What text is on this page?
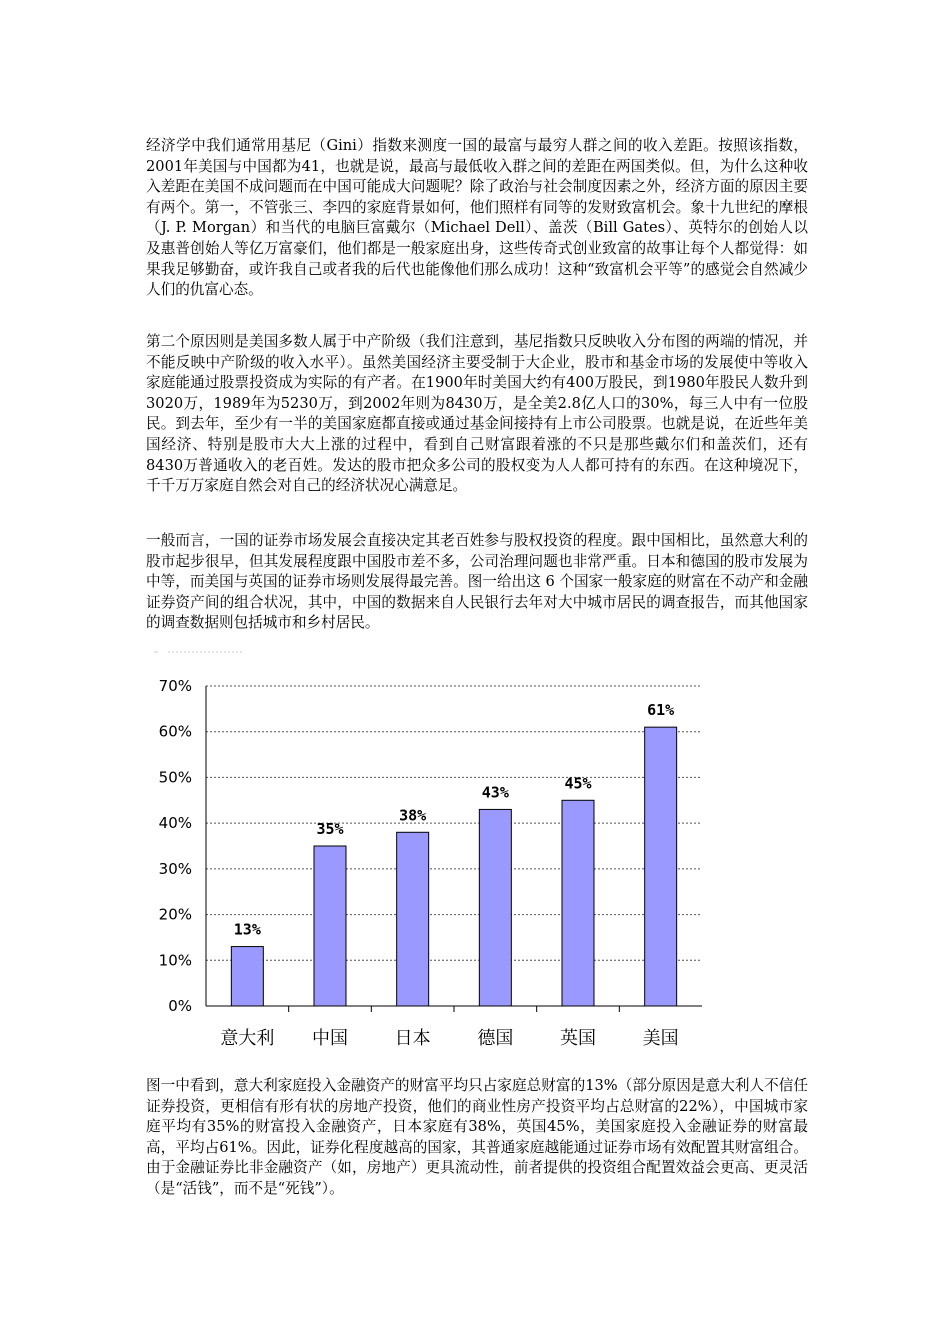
经济学中我们通常用基尼（Gini）指数来测度一国的最富与最穷人群之间的收入差距。按照该指数，2001年美国与中国都为41，也就是说，最高与最低收入群之间的差距在两国类似。但，为什么这种收入差距在美国不成问题而在中国可能成大问题呢？除了政治与社会制度因素之外，经济方面的原因主要有两个。第一，不管张三、李四的家庭背景如何，他们照样有同等的发财致富机会。象十九世纪的摩根（J. P. Morgan）和当代的电脑巨富戴尔（Michael Dell）、盖茨（Bill Gates）、英特尔的创始人以及惠普创始人等亿万富豪们，他们都是一般家庭出身，这些传奇式创业致富的故事让每个人都觉得：如果我足够勤奋，或许我自己或者我的后代也能像他们那么成功！这种“致富机会平等”的感觉会自然减少人们的仇富心态。

第二个原因则是美国多数人属于中产阶级（我们注意到，基尼指数只反映收入分布图的两端的情况，并不能反映中产阶级的收入水平）。虽然美国经济主要受制于大企业，股市和基金市场的发展使中等收入家庭能通过股票投资成为实际的有产者。在1900年时美国大约有400万股民，到1980年股民人数升到3020万，1989年为5230万，到2002年则为8430万，是全美2.8亿人口的30%，每三人中有一位股民。到去年，至少有一半的美国家庭都直接或通过基金间接持有上市公司股票。也就是说，在近些年美国经济、特别是股市大大上涨的过程中，看到自己财富跟着涨的不只是那些戴尔们和盖茨们，还有8430万普通收入的老百姓。发达的股市把众多公司的股权变为人人都可持有的东西。在这种境况下，千千万万家庭自然会对自己的经济状况心满意足。

一般而言，一国的证券市场发展会直接决定其老百姓参与股权投资的程度。跟中国相比，虽然意大利的股市起步很早，但其发展程度跟中国股市差不多，公司治理问题也非常严重。日本和德国的股市发展为中等，而美国与英国的证券市场则发展得最完善。图一给出这 6 个国家一般家庭的财富在不动产和金融证券资产间的组合状况，其中，中国的数据来自人民银行去年对大中城市居民的调查报告，而其他国家的调查数据则包括城市和乡村居民。

0%
10%
20%
30%
40%
50%
60%
70%
13%
意大利
35%
中国
38%
日本
43%
德国
45%
英国
61%
美国

图一中看到，意大利家庭投入金融资产的财富平均只占家庭总财富的13%（部分原因是意大利人不信任证券投资，更相信有形有状的房地产投资，他们的商业性房产投资平均占总财富的22%），中国城市家庭平均有35%的财富投入金融资产，日本家庭有38%，英国45%，美国家庭投入金融证券的财富最高，平均占61%。因此，证券化程度越高的国家，其普通家庭越能通过证券市场有效配置其财富组合。由于金融证券比非金融资产（如，房地产）更具流动性，前者提供的投资组合配置效益会更高、更灵活（是“活钱”，而不是“死钱”）。
